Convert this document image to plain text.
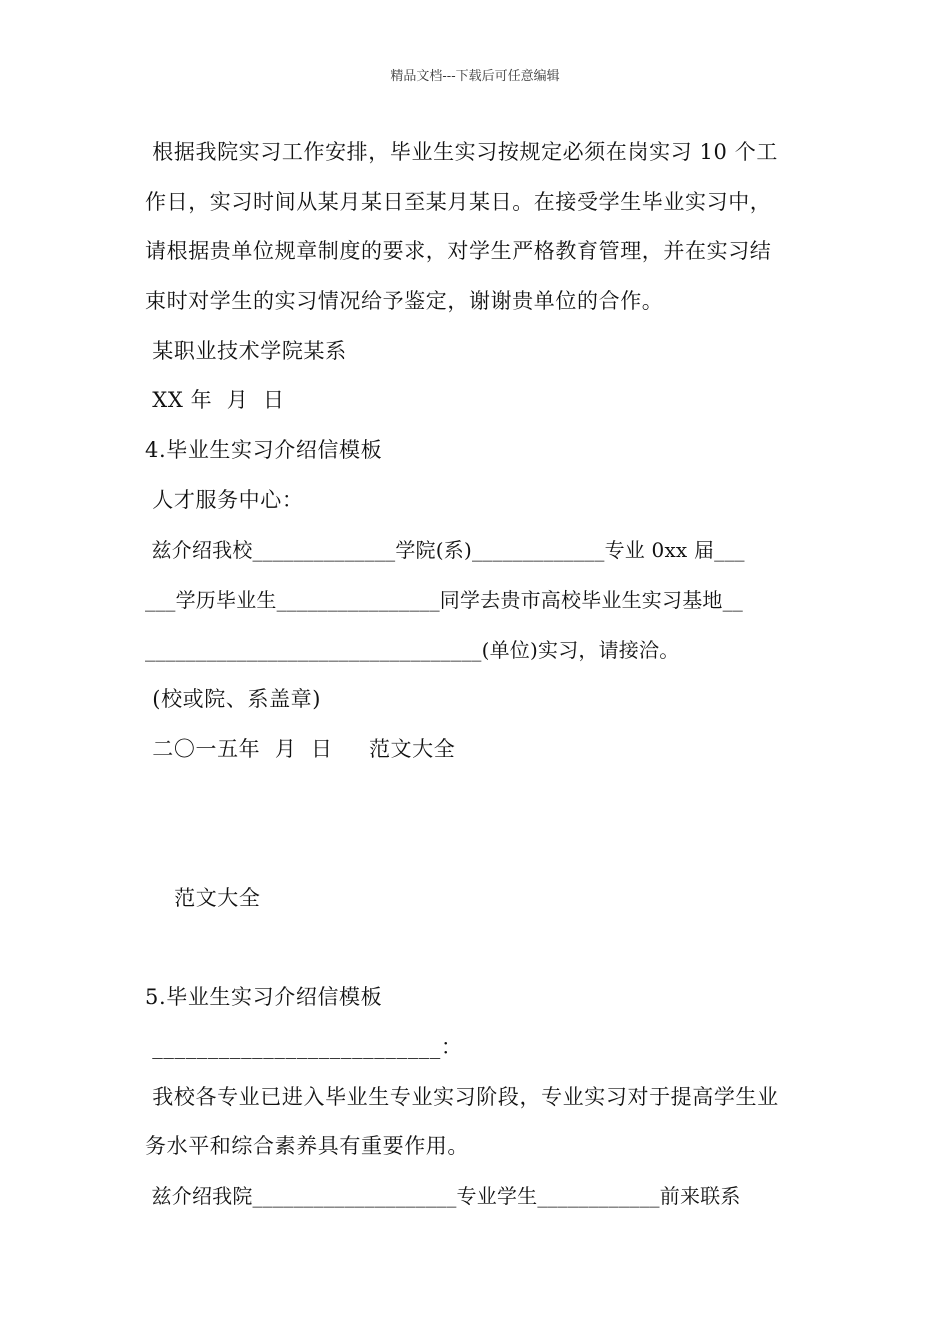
精品文档---下载后可任意编辑
根据我院实习工作安排，毕业生实习按规定必须在岗实习 10 个工
作日，实习时间从某月某日至某月某日。在接受学生毕业实习中，
请根据贵单位规章制度的要求，对学生严格教育管理，并在实习结
束时对学生的实习情况给予鉴定，谢谢贵单位的合作。
某职业技术学院某系
XX 年  月  日
4.毕业生实习介绍信模板
人才服务中心：
兹介绍我校______________学院(系)_____________专业 0xx 届___
___学历毕业生________________同学去贵市高校毕业生实习基地__
_________________________________(单位)实习，请接洽。
(校或院、系盖章)
二〇一五年  月  日     范文大全
范文大全
5.毕业生实习介绍信模板
__________________________：
我校各专业已进入毕业生专业实习阶段，专业实习对于提高学生业
务水平和综合素养具有重要作用。
兹介绍我院____________________专业学生____________前来联系
